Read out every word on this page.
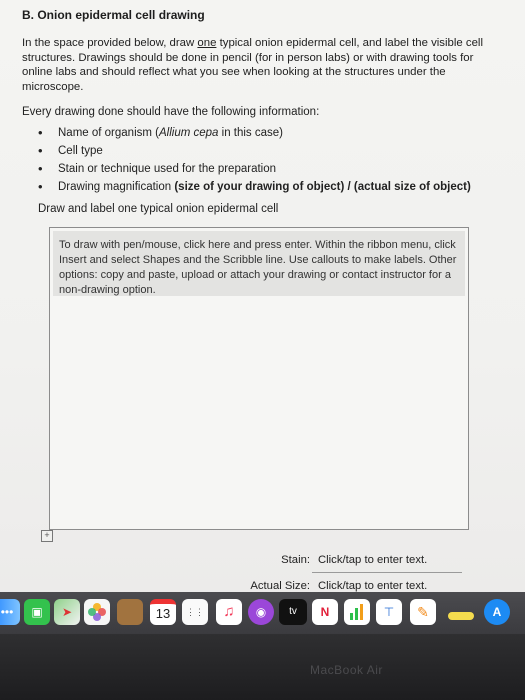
B. Onion epidermal cell drawing
In the space provided below, draw one typical onion epidermal cell, and label the visible cell structures. Drawings should be done in pencil (for in person labs) or with drawing tools for online labs and should reflect what you see when looking at the structures under the microscope.
Every drawing done should have the following information:
• Name of organism (Allium cepa in this case)
• Cell type
• Stain or technique used for the preparation
• Drawing magnification (size of your drawing of object) / (actual size of object)
Draw and label one typical onion epidermal cell
To draw with pen/mouse, click here and press enter. Within the ribbon menu, click Insert and select Shapes and the Scribble line. Use callouts to make labels. Other options: copy and paste, upload or attach your drawing or contact instructor for a non-drawing option.
+
Stain: Click/tap to enter text.
Actual Size: Click/tap to enter text.
•••	▣	➤	13	⋮⋮	♫	◉	tv	N	⊤	✎	A
MacBook Air
